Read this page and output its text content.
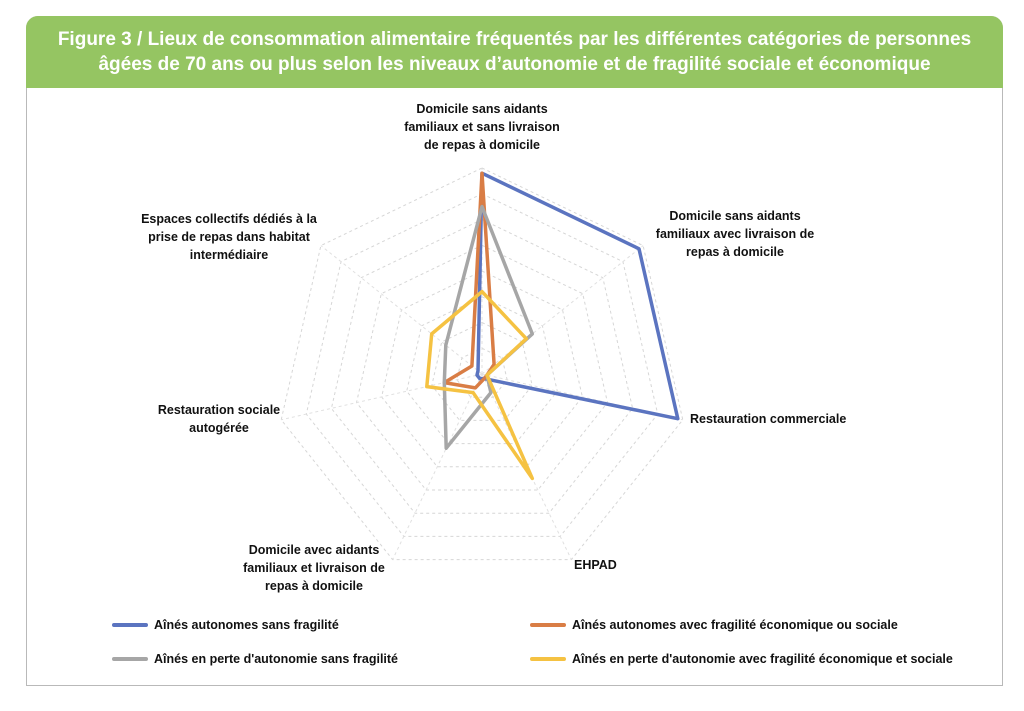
Figure 3 / Lieux de consommation alimentaire fréquentés par les différentes catégories de personnes
âgées de 70 ans ou plus selon les niveaux d’autonomie et de fragilité sociale et économique
Domicile sans aidants
familiaux et sans livraison
de repas à domicile
Domicile sans aidants
familiaux avec livraison de
repas à domicile
Restauration commerciale
EHPAD
Domicile avec aidants
familiaux et livraison de
repas à domicile
Restauration sociale
autogérée
Espaces collectifs dédiés à la
prise de repas dans habitat
intermédiaire
Aînés autonomes sans fragilité	Aînés autonomes avec fragilité économique ou sociale
Aînés en perte d'autonomie sans fragilité	Aînés en perte d'autonomie avec fragilité économique et sociale
